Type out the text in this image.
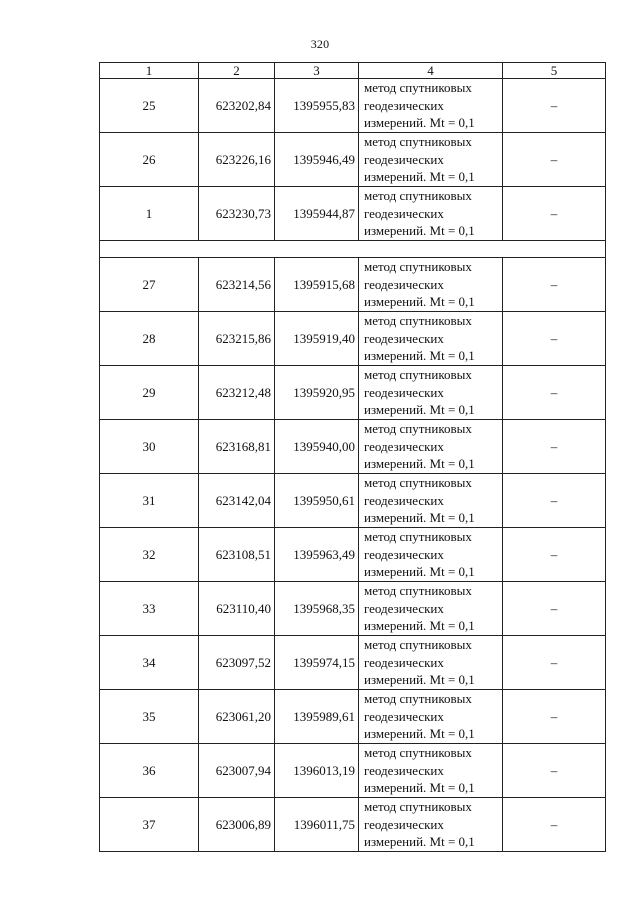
320
1	2	3	4	5
25	623202,84	1395955,83	метод спутниковых
геодезических
измерений. Mt = 0,1	–
26	623226,16	1395946,49	метод спутниковых
геодезических
измерений. Mt = 0,1	–
1	623230,73	1395944,87	метод спутниковых
геодезических
измерений. Mt = 0,1	–

27	623214,56	1395915,68	метод спутниковых
геодезических
измерений. Mt = 0,1	–
28	623215,86	1395919,40	метод спутниковых
геодезических
измерений. Mt = 0,1	–
29	623212,48	1395920,95	метод спутниковых
геодезических
измерений. Mt = 0,1	–
30	623168,81	1395940,00	метод спутниковых
геодезических
измерений. Mt = 0,1	–
31	623142,04	1395950,61	метод спутниковых
геодезических
измерений. Mt = 0,1	–
32	623108,51	1395963,49	метод спутниковых
геодезических
измерений. Mt = 0,1	–
33	623110,40	1395968,35	метод спутниковых
геодезических
измерений. Mt = 0,1	–
34	623097,52	1395974,15	метод спутниковых
геодезических
измерений. Mt = 0,1	–
35	623061,20	1395989,61	метод спутниковых
геодезических
измерений. Mt = 0,1	–
36	623007,94	1396013,19	метод спутниковых
геодезических
измерений. Mt = 0,1	–
37	623006,89	1396011,75	метод спутниковых
геодезических
измерений. Mt = 0,1	–
